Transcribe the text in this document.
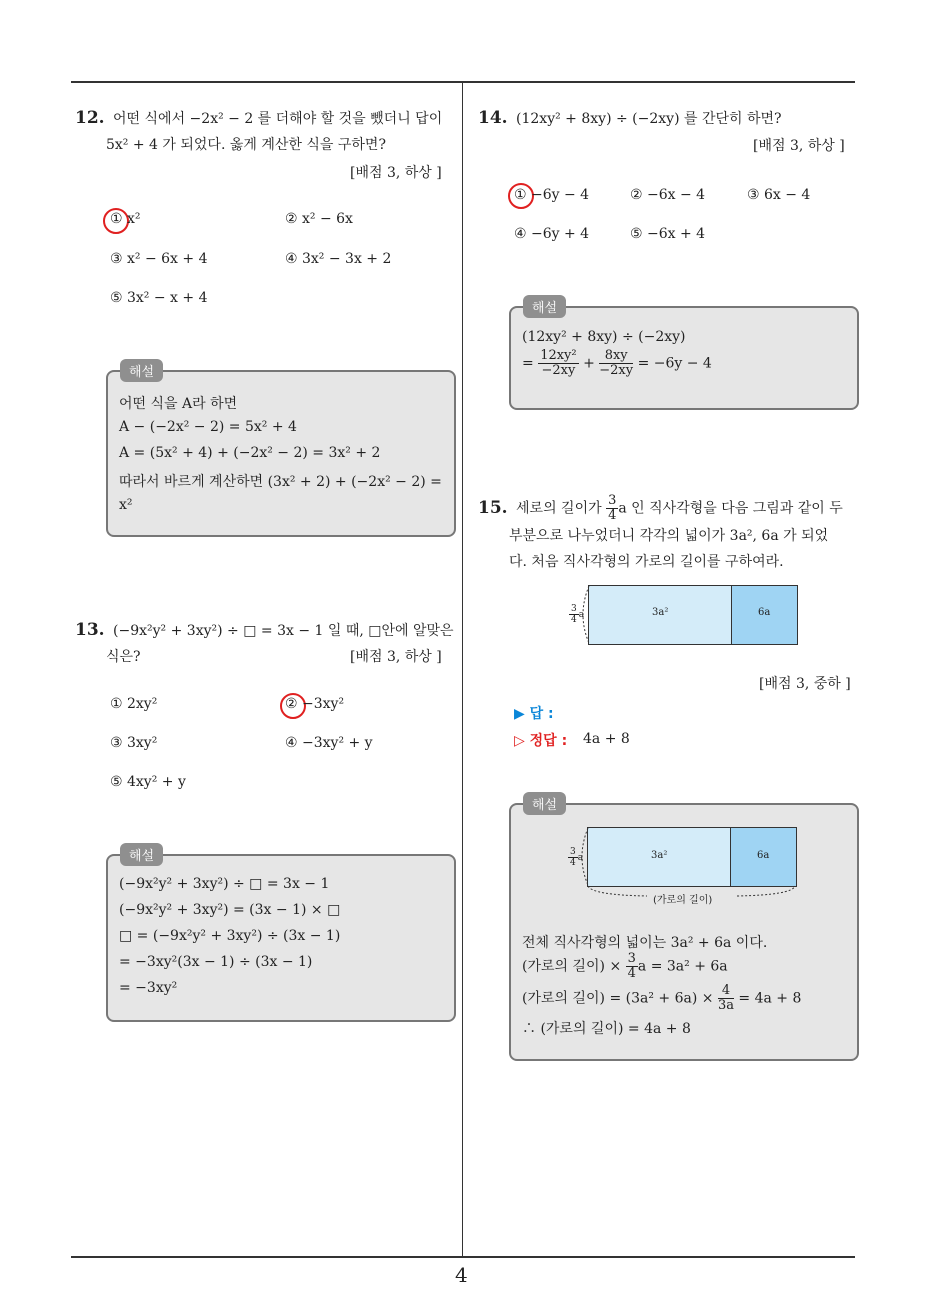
4
12. 어떤 식에서 −2x² − 2 를 더해야 할 것을 뺐더니 답이
5x² + 4 가 되었다. 옳게 계산한 식을 구하면?
[배점 3, 하상 ]
① x²	② x² − 6x
③ x² − 6x + 4	④ 3x² − 3x + 2
⑤ 3x² − x + 4
해설
어떤 식을 A라 하면
A − (−2x² − 2) = 5x² + 4
A = (5x² + 4) + (−2x² − 2) = 3x² + 2
따라서 바르게 계산하면 (3x² + 2) + (−2x² − 2) =
x²
13. (−9x²y² + 3xy²) ÷ □ = 3x − 1 일 때, □안에 알맞은
식은?	[배점 3, 하상 ]
① 2xy²	② −3xy²
③ 3xy²	④ −3xy² + y
⑤ 4xy² + y
해설
(−9x²y² + 3xy²) ÷ □ = 3x − 1
(−9x²y² + 3xy²) = (3x − 1) × □
□ = (−9x²y² + 3xy²) ÷ (3x − 1)
= −3xy²(3x − 1) ÷ (3x − 1)
= −3xy²
14. (12xy² + 8xy) ÷ (−2xy) 를 간단히 하면?
[배점 3, 하상 ]
① −6y − 4	② −6x − 4	③ 6x − 4
④ −6y + 4	⑤ −6x + 4
해설
(12xy² + 8xy) ÷ (−2xy)
= $\frac{\text{12xy²}}{-2xy} + \frac{8xy}{-2xy} = -6y - 4$
15. 세로의 길이가 $\frac{3}{4}$ a 인 직사각형을 다음 그림과 같이 두
부분으로 나누었더니 각각의 넓이가 3a², 6a 가 되었
다. 처음 직사각형의 가로의 길이를 구하여라.
3a²	6a
$\frac{3}{4}$ a
[배점 3, 중하 ]
▶ 답 :
▷ 정답 : 4a + 8
해설
3a²	6a
$\frac{3}{4}$ a
(가로의 길이)
전체 직사각형의 넓이는 3a² + 6a 이다.
(가로의 길이) × $\frac{3}{4}$ a = 3a² + 6a
(가로의 길이) = $(3a^2 + 6a) \times \frac{4}{3a} = 4a + 8$
∴ (가로의 길이) = 4a + 8
